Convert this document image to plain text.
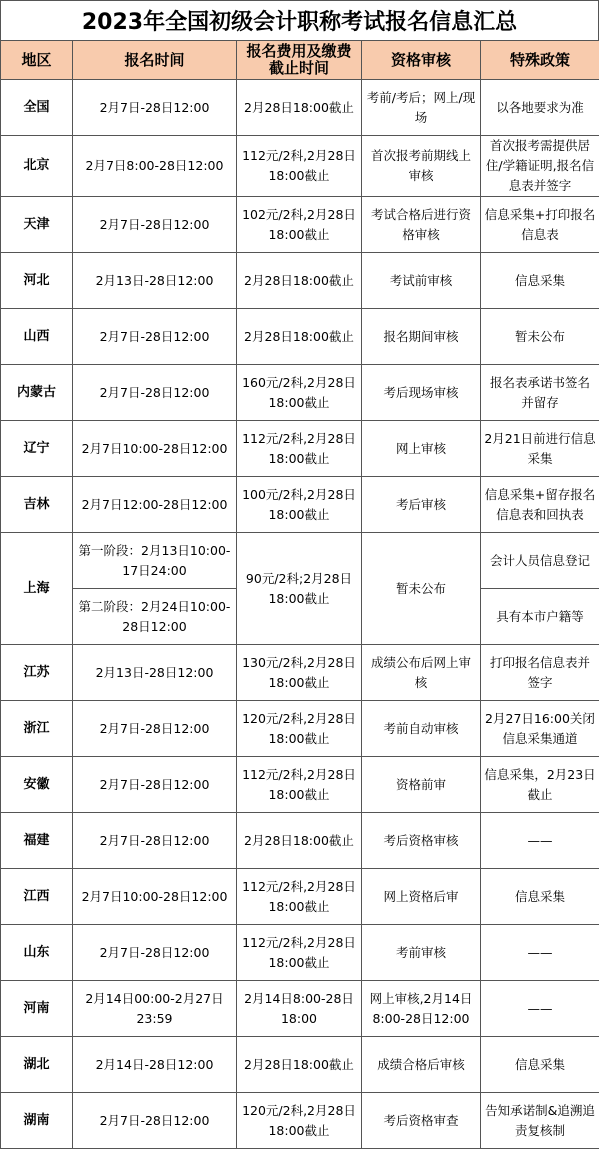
2023年全国初级会计职称考试报名信息汇总
地区	报名时间	报名费用及缴费截止时间	资格审核	特殊政策
全国	2月7日-28日12:00	2月28日18:00截止	考前/考后；网上/现场	以各地要求为准
北京	2月7日8:00-28日12:00	112元/2科,2月28日18:00截止	首次报考前期线上审核	首次报考需提供居住/学籍证明,报名信息表并签字
天津	2月7日-28日12:00	102元/2科,2月28日18:00截止	考试合格后进行资格审核	信息采集+打印报名信息表
河北	2月13日-28日12:00	2月28日18:00截止	考试前审核	信息采集
山西	2月7日-28日12:00	2月28日18:00截止	报名期间审核	暂未公布
内蒙古	2月7日-28日12:00	160元/2科,2月28日18:00截止	考后现场审核	报名表承诺书签名并留存
辽宁	2月7日10:00-28日12:00	112元/2科,2月28日18:00截止	网上审核	2月21日前进行信息采集
吉林	2月7日12:00-28日12:00	100元/2科,2月28日18:00截止	考后审核	信息采集+留存报名信息表和回执表
上海	第一阶段：2月13日10:00-17日24:00	90元/2科;2月28日18:00截止	暂未公布	会计人员信息登记
	第二阶段：2月24日10:00-28日12:00			具有本市户籍等
江苏	2月13日-28日12:00	130元/2科,2月28日18:00截止	成绩公布后网上审核	打印报名信息表并签字
浙江	2月7日-28日12:00	120元/2科,2月28日18:00截止	考前自动审核	2月27日16:00关闭信息采集通道
安徽	2月7日-28日12:00	112元/2科,2月28日18:00截止	资格前审	信息采集，2月23日截止
福建	2月7日-28日12:00	2月28日18:00截止	考后资格审核	——
江西	2月7日10:00-28日12:00	112元/2科,2月28日18:00截止	网上资格后审	信息采集
山东	2月7日-28日12:00	112元/2科,2月28日18:00截止	考前审核	——
河南	2月14日00:00-2月27日23:59	2月14日8:00-28日18:00	网上审核,2月14日8:00-28日12:00	——
湖北	2月14日-28日12:00	2月28日18:00截止	成绩合格后审核	信息采集
湖南	2月7日-28日12:00	120元/2科,2月28日18:00截止	考后资格审查	告知承诺制&追溯追责复核制
